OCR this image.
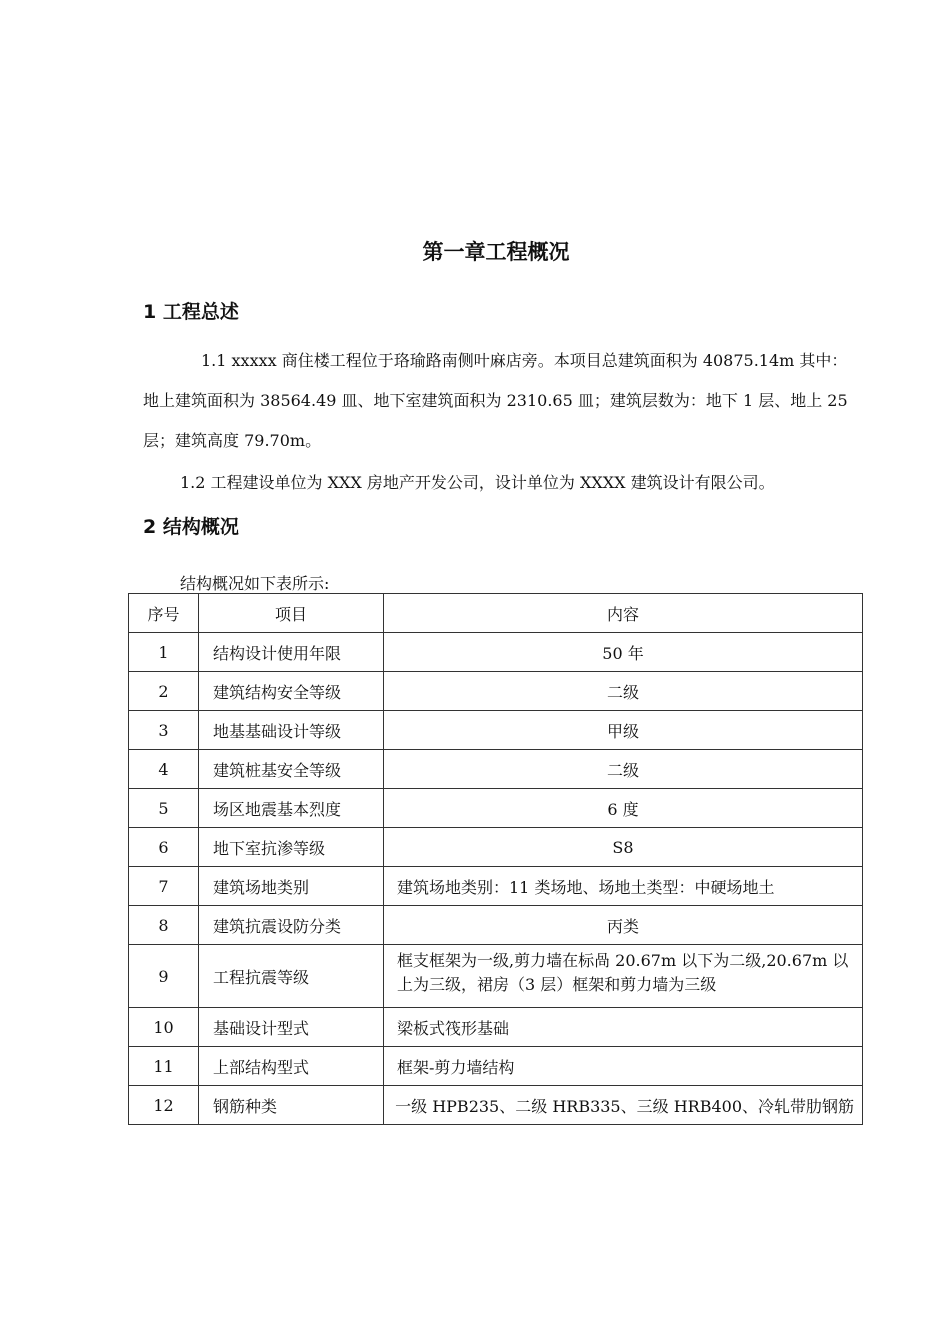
第一章工程概况
1 工程总述

1.1 xxxxx 商住楼工程位于珞瑜路南侧叶麻店旁。本项目总建筑面积为 40875.14m 其中：地上建筑面积为 38564.49 皿、地下室建筑面积为 2310.65 皿；建筑层数为：地下 1 层、地上 25 层；建筑高度 79.70m。

1.2 工程建设单位为 XXX 房地产开发公司，设计单位为 XXXX 建筑设计有限公司。

2 结构概况

结构概况如下表所示:

序号	项目	内容
1	结构设计使用年限	50 年
2	建筑结构安全等级	二级
3	地基基础设计等级	甲级
4	建筑桩基安全等级	二级
5	场区地震基本烈度	6 度
6	地下室抗渗等级	S8
7	建筑场地类别	建筑场地类别：11 类场地、场地土类型：中硬场地土
8	建筑抗震设防分类	丙类
9	工程抗震等级	框支框架为一级,剪力墙在标咼 20.67m 以下为二级,20.67m 以上为三级，裙房（3 层）框架和剪力墙为三级

10	基础设计型式	梁板式筏形基础
11	上部结构型式	框架-剪力墙结构
12	钢筋种类	一级 HPB235、二级 HRB335、三级 HRB400、冷轧带肋钢筋
